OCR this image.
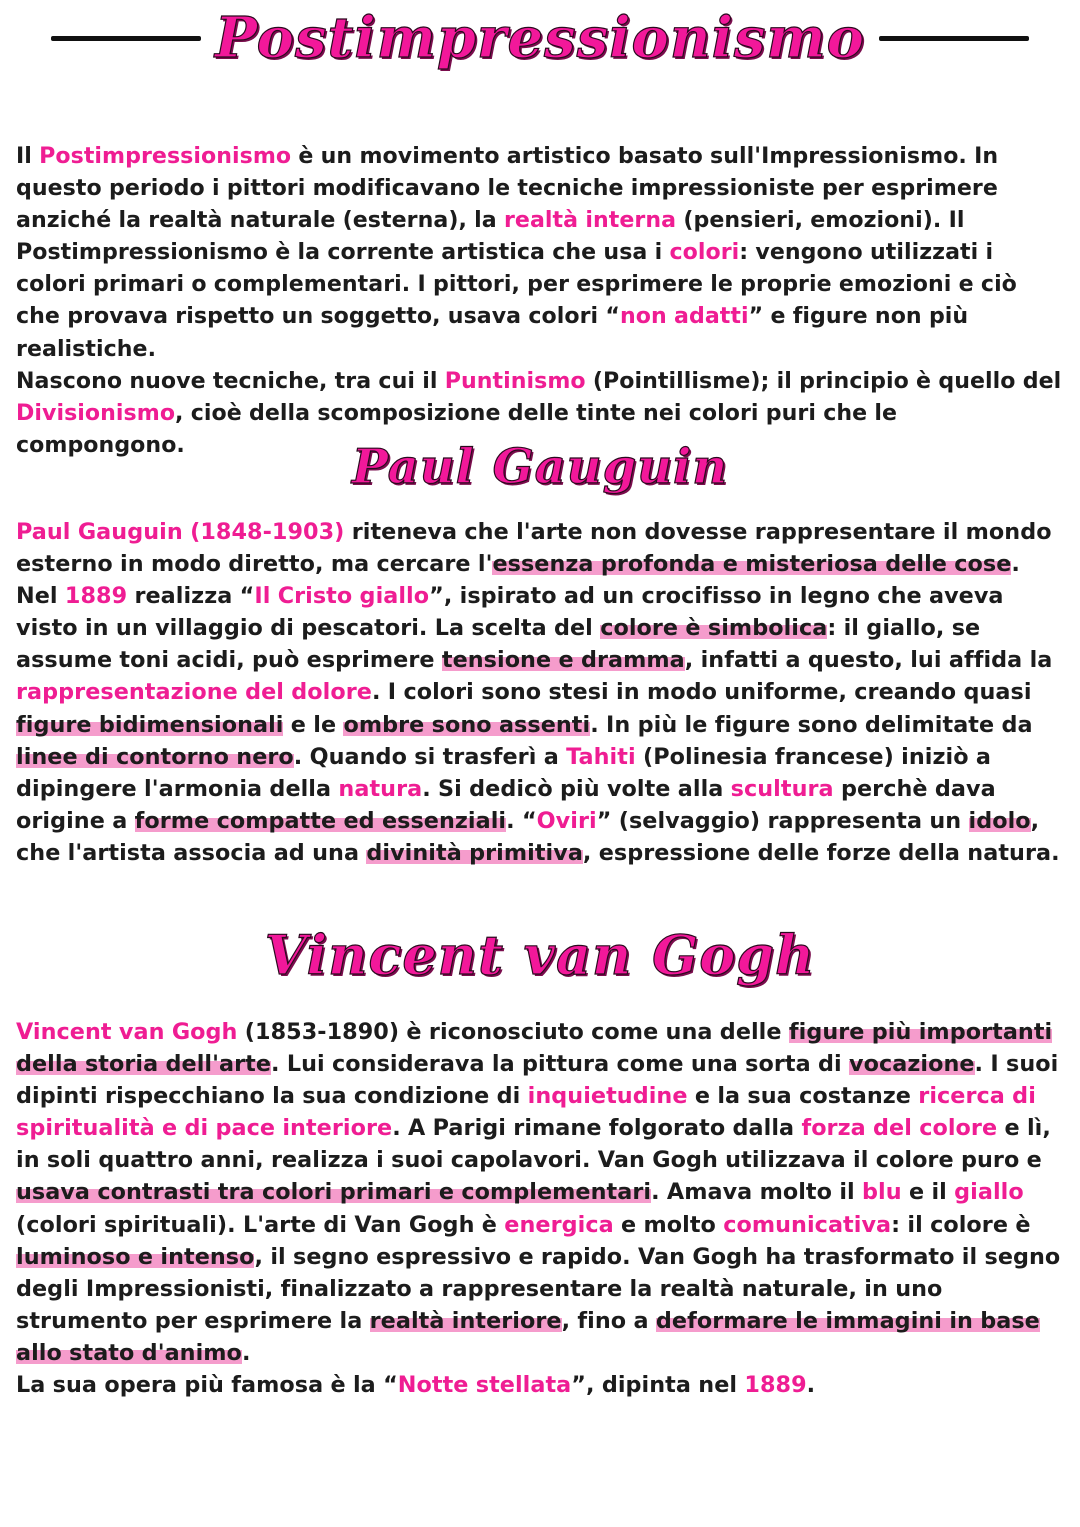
Postimpressionismo

Il Postimpressionismo è un movimento artistico basato sull'Impressionismo. In questo periodo i pittori modificavano le tecniche impressioniste per esprimere anziché la realtà naturale (esterna), la realtà interna (pensieri, emozioni). Il Postimpressionismo è la corrente artistica che usa i colori: vengono utilizzati i colori primari o complementari. I pittori, per esprimere le proprie emozioni e ciò che provava rispetto un soggetto, usava colori “non adatti” e figure non più realistiche.
Nascono nuove tecniche, tra cui il Puntinismo (Pointillisme); il principio è quello del Divisionismo, cioè della scomposizione delle tinte nei colori puri che le compongono.	Paul Gauguin

Paul Gauguin (1848-1903) riteneva che l'arte non dovesse rappresentare il mondo esterno in modo diretto, ma cercare l'essenza profonda e misteriosa delle cose. Nel 1889 realizza “Il Cristo giallo”, ispirato ad un crocifisso in legno che aveva visto in un villaggio di pescatori. La scelta del colore è simbolica: il giallo, se assume toni acidi, può esprimere tensione e dramma, infatti a questo, lui affida la rappresentazione del dolore. I colori sono stesi in modo uniforme, creando quasi figure bidimensionali e le ombre sono assenti. In più le figure sono delimitate da linee di contorno nero. Quando si trasferì a Tahiti (Polinesia francese) iniziò a dipingere l'armonia della natura. Si dedicò più volte alla scultura perchè dava origine a forme compatte ed essenziali. “Oviri” (selvaggio) rappresenta un idolo, che l'artista associa ad una divinità primitiva, espressione delle forze della natura.

Vincent van Gogh

Vincent van Gogh (1853-1890) è riconosciuto come una delle figure più importanti della storia dell'arte. Lui considerava la pittura come una sorta di vocazione. I suoi dipinti rispecchiano la sua condizione di inquietudine e la sua costanze ricerca di spiritualità e di pace interiore. A Parigi rimane folgorato dalla forza del colore e lì, in soli quattro anni, realizza i suoi capolavori. Van Gogh utilizzava il colore puro e usava contrasti tra colori primari e complementari. Amava molto il blu e il giallo (colori spirituali). L'arte di Van Gogh è energica e molto comunicativa: il colore è luminoso e intenso, il segno espressivo e rapido. Van Gogh ha trasformato il segno degli Impressionisti, finalizzato a rappresentare la realtà naturale, in uno strumento per esprimere la realtà interiore, fino a deformare le immagini in base allo stato d'animo.
La sua opera più famosa è la “Notte stellata”, dipinta nel 1889.
